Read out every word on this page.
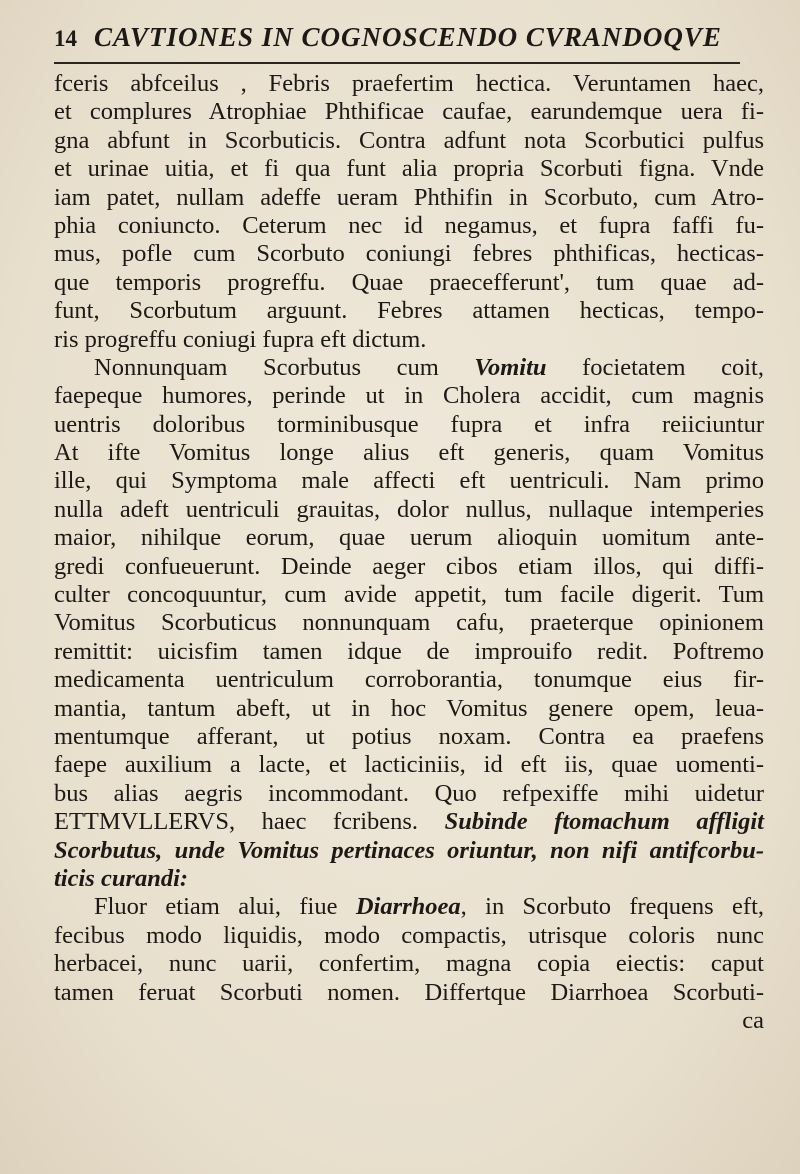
14 CAVTIONES IN COGNOSCENDO CVRANDOQVE
fceris abfceilus , Febris praefertim hectica. Veruntamen haec,
et complures Atrophiae Phthificae caufae, earundemque uera fi-
gna abfunt in Scorbuticis. Contra adfunt nota Scorbutici pulfus
et urinae uitia, et fi qua funt alia propria Scorbuti figna. Vnde
iam patet, nullam adeffe ueram Phthifin in Scorbuto, cum Atro-
phia coniuncto. Ceterum nec id negamus, et fupra faffi fu-
mus, pofle cum Scorbuto coniungi febres phthificas, hecticas-
que temporis progreffu. Quae praecefferunt', tum quae ad-
funt, Scorbutum arguunt. Febres attamen hecticas, tempo-
ris progreffu coniugi fupra eft dictum.
Nonnunquam Scorbutus cum Vomitu focietatem coit,
faepeque humores, perinde ut in Cholera accidit, cum magnis
uentris doloribus torminibusque fupra et infra reiiciuntur
At ifte Vomitus longe alius eft generis, quam Vomitus
ille, qui Symptoma male affecti eft uentriculi. Nam primo
nulla adeft uentriculi grauitas, dolor nullus, nullaque intemperies
maior, nihilque eorum, quae uerum alioquin uomitum ante-
gredi confueuerunt. Deinde aeger cibos etiam illos, qui diffi-
culter concoquuntur, cum avide appetit, tum facile digerit. Tum
Vomitus Scorbuticus nonnunquam cafu, praeterque opinionem
remittit: uicisfim tamen idque de improuifo redit. Poftremo
medicamenta uentriculum corroborantia, tonumque eius fir-
mantia, tantum abeft, ut in hoc Vomitus genere opem, leua-
mentumque afferant, ut potius noxam. Contra ea praefens
faepe auxilium a lacte, et lacticiniis, id eft iis, quae uomenti-
bus alias aegris incommodant. Quo refpexiffe mihi uidetur
ETTMVLLERVS, haec fcribens. Subinde ftomachum affligit
Scorbutus, unde Vomitus pertinaces oriuntur, non nifi antifcorbu-
ticis curandi:
Fluor etiam alui, fiue Diarrhoea, in Scorbuto frequens eft,
fecibus modo liquidis, modo compactis, utrisque coloris nunc
herbacei, nunc uarii, confertim, magna copia eiectis: caput
tamen feruat Scorbuti nomen. Differtque Diarrhoea Scorbuti-
ca
